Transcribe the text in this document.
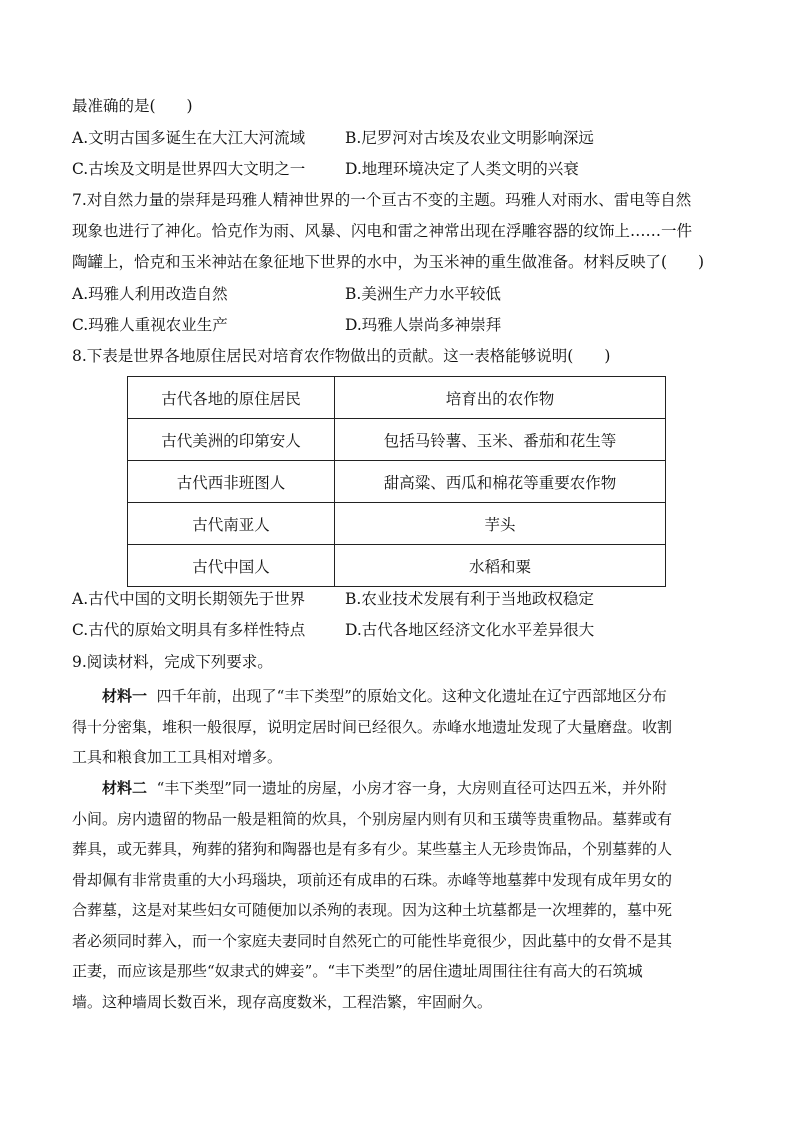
最准确的是(　　)
A.文明古国多诞生在大江大河流域	B.尼罗河对古埃及农业文明影响深远
C.古埃及文明是世界四大文明之一	D.地理环境决定了人类文明的兴衰
7.对自然力量的崇拜是玛雅人精神世界的一个亘古不变的主题。玛雅人对雨水、雷电等自然
现象也进行了神化。恰克作为雨、风暴、闪电和雷之神常出现在浮雕容器的纹饰上……一件
陶罐上，恰克和玉米神站在象征地下世界的水中，为玉米神的重生做准备。材料反映了(　　)
A.玛雅人利用改造自然	B.美洲生产力水平较低
C.玛雅人重视农业生产	D.玛雅人崇尚多神崇拜
8.下表是世界各地原住居民对培育农作物做出的贡献。这一表格能够说明(　　)
古代各地的原住居民	培育出的农作物
古代美洲的印第安人	包括马铃薯、玉米、番茄和花生等
古代西非班图人	甜高粱、西瓜和棉花等重要农作物
古代南亚人	芋头
古代中国人	水稻和粟
A.古代中国的文明长期领先于世界	B.农业技术发展有利于当地政权稳定
C.古代的原始文明具有多样性特点	D.古代各地区经济文化水平差异很大
9.阅读材料，完成下列要求。
材料一 四千年前，出现了“丰下类型”的原始文化。这种文化遗址在辽宁西部地区分布
得十分密集，堆积一般很厚，说明定居时间已经很久。赤峰水地遗址发现了大量磨盘。收割
工具和粮食加工工具相对增多。
材料二 “丰下类型”同一遗址的房屋，小房才容一身，大房则直径可达四五米，并外附
小间。房内遗留的物品一般是粗简的炊具，个别房屋内则有贝和玉璜等贵重物品。墓葬或有
葬具，或无葬具，殉葬的猪狗和陶器也是有多有少。某些墓主人无珍贵饰品，个别墓葬的人
骨却佩有非常贵重的大小玛瑙块，项前还有成串的石珠。赤峰等地墓葬中发现有成年男女的
合葬墓，这是对某些妇女可随便加以杀殉的表现。因为这种土坑墓都是一次埋葬的，墓中死
者必须同时葬入，而一个家庭夫妻同时自然死亡的可能性毕竟很少，因此墓中的女骨不是其
正妻，而应该是那些“奴隶式的婢妾”。“丰下类型”的居住遗址周围往往有高大的石筑城
墙。这种墙周长数百米，现存高度数米，工程浩繁，牢固耐久。
